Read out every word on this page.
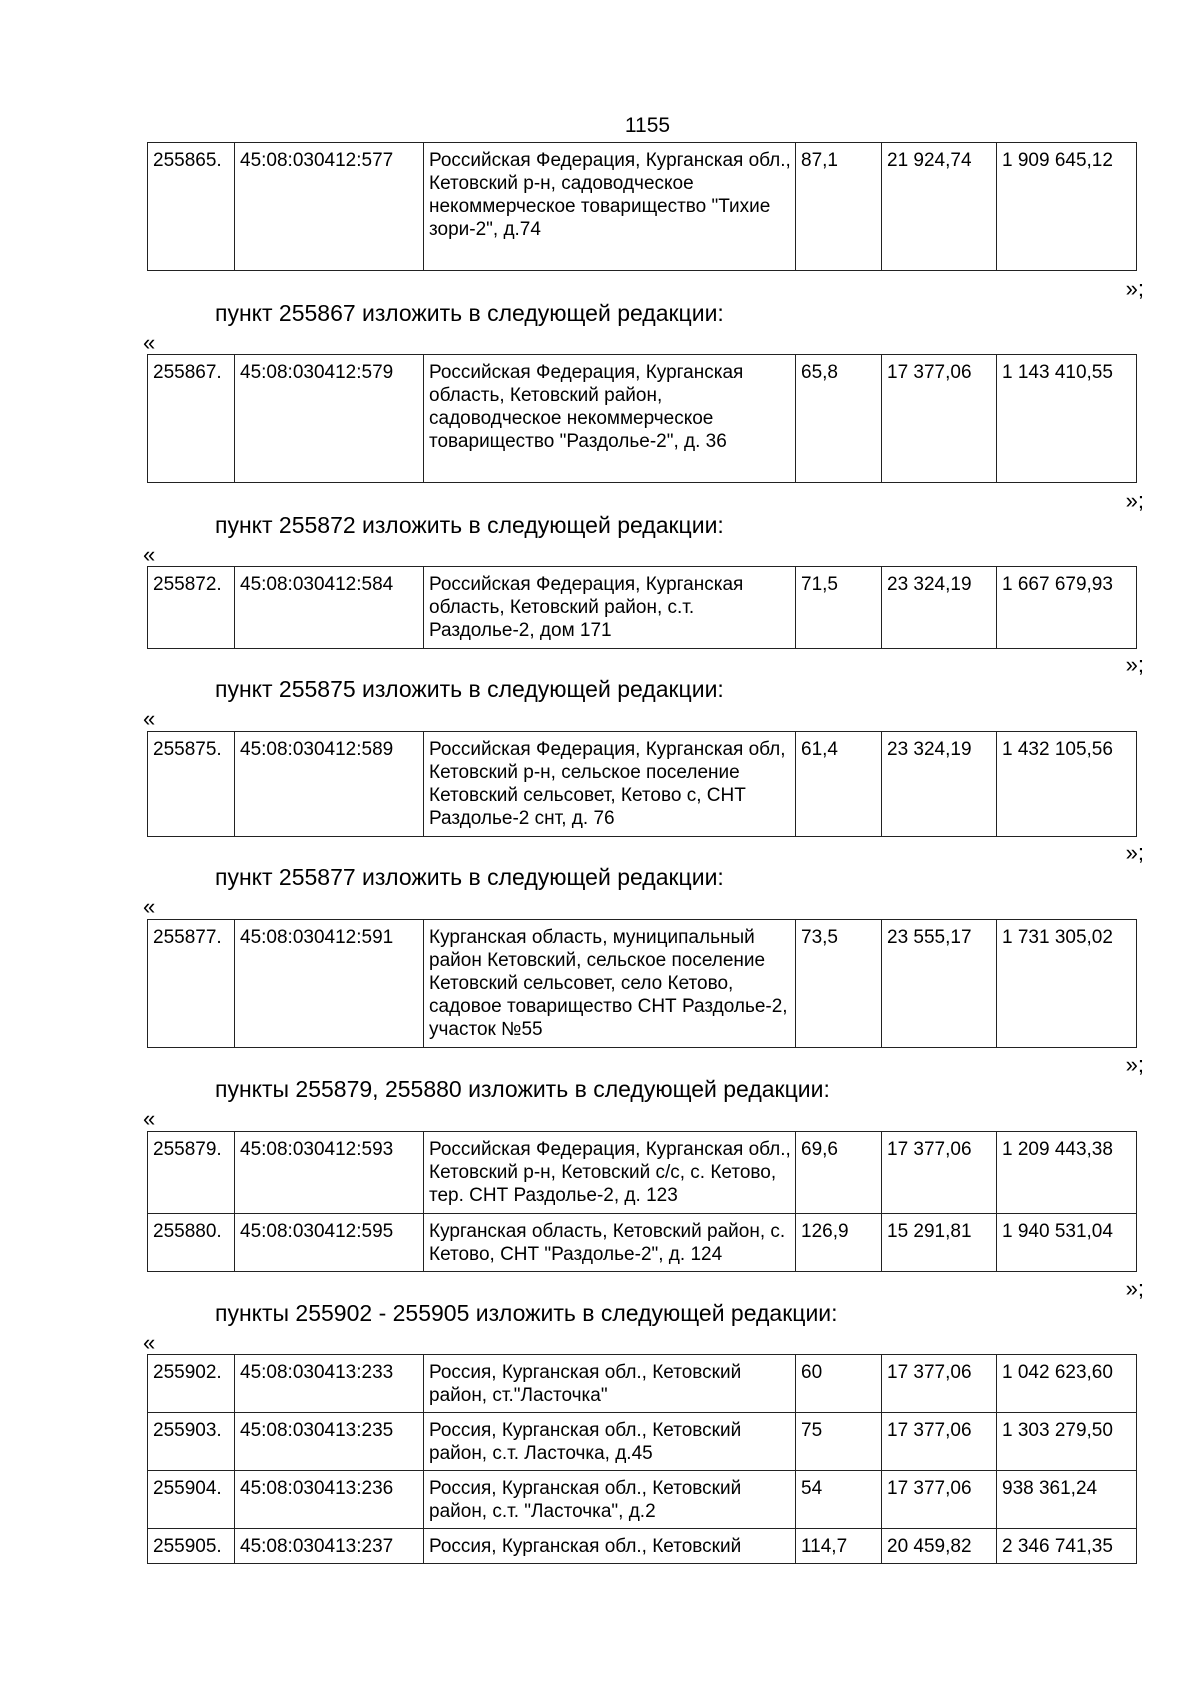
1155
255865.	45:08:030412:577	Российская Федерация, Курганская обл., Кетовский р-н, садоводческое некоммерческое товарищество "Тихие зори-2", д.74	87,1	21 924,74	1 909 645,12
»;
пункт 255867 изложить в следующей редакции:
«
255867.	45:08:030412:579	Российская Федерация, Курганская область, Кетовский район, садоводческое некоммерческое товарищество "Раздолье-2", д. 36	65,8	17 377,06	1 143 410,55
»;
пункт 255872 изложить в следующей редакции:
«
255872.	45:08:030412:584	Российская Федерация, Курганская область, Кетовский район, с.т. Раздолье-2, дом 171	71,5	23 324,19	1 667 679,93
»;
пункт 255875 изложить в следующей редакции:
«
255875.	45:08:030412:589	Российская Федерация, Курганская обл, Кетовский р-н, сельское поселение Кетовский сельсовет, Кетово с, СНТ Раздолье-2 снт, д. 76	61,4	23 324,19	1 432 105,56
»;
пункт 255877 изложить в следующей редакции:
«
255877.	45:08:030412:591	Курганская область, муниципальный район Кетовский, сельское поселение Кетовский сельсовет, село Кетово, садовое товарищество СНТ Раздолье-2, участок №55	73,5	23 555,17	1 731 305,02
»;
пункты 255879, 255880 изложить в следующей редакции:
«
255879.	45:08:030412:593	Российская Федерация, Курганская обл., Кетовский р-н, Кетовский с/с, с. Кетово, тер. СНТ Раздолье-2, д. 123	69,6	17 377,06	1 209 443,38
255880.	45:08:030412:595	Курганская область, Кетовский район, с. Кетово, СНТ "Раздолье-2", д. 124	126,9	15 291,81	1 940 531,04
»;
пункты 255902 - 255905 изложить в следующей редакции:
«
255902.	45:08:030413:233	Россия, Курганская обл., Кетовский район, ст."Ласточка"	60	17 377,06	1 042 623,60
255903.	45:08:030413:235	Россия, Курганская обл., Кетовский район, с.т. Ласточка, д.45	75	17 377,06	1 303 279,50
255904.	45:08:030413:236	Россия, Курганская обл., Кетовский район, с.т. "Ласточка", д.2	54	17 377,06	938 361,24
255905.	45:08:030413:237	Россия, Курганская обл., Кетовский	114,7	20 459,82	2 346 741,35
